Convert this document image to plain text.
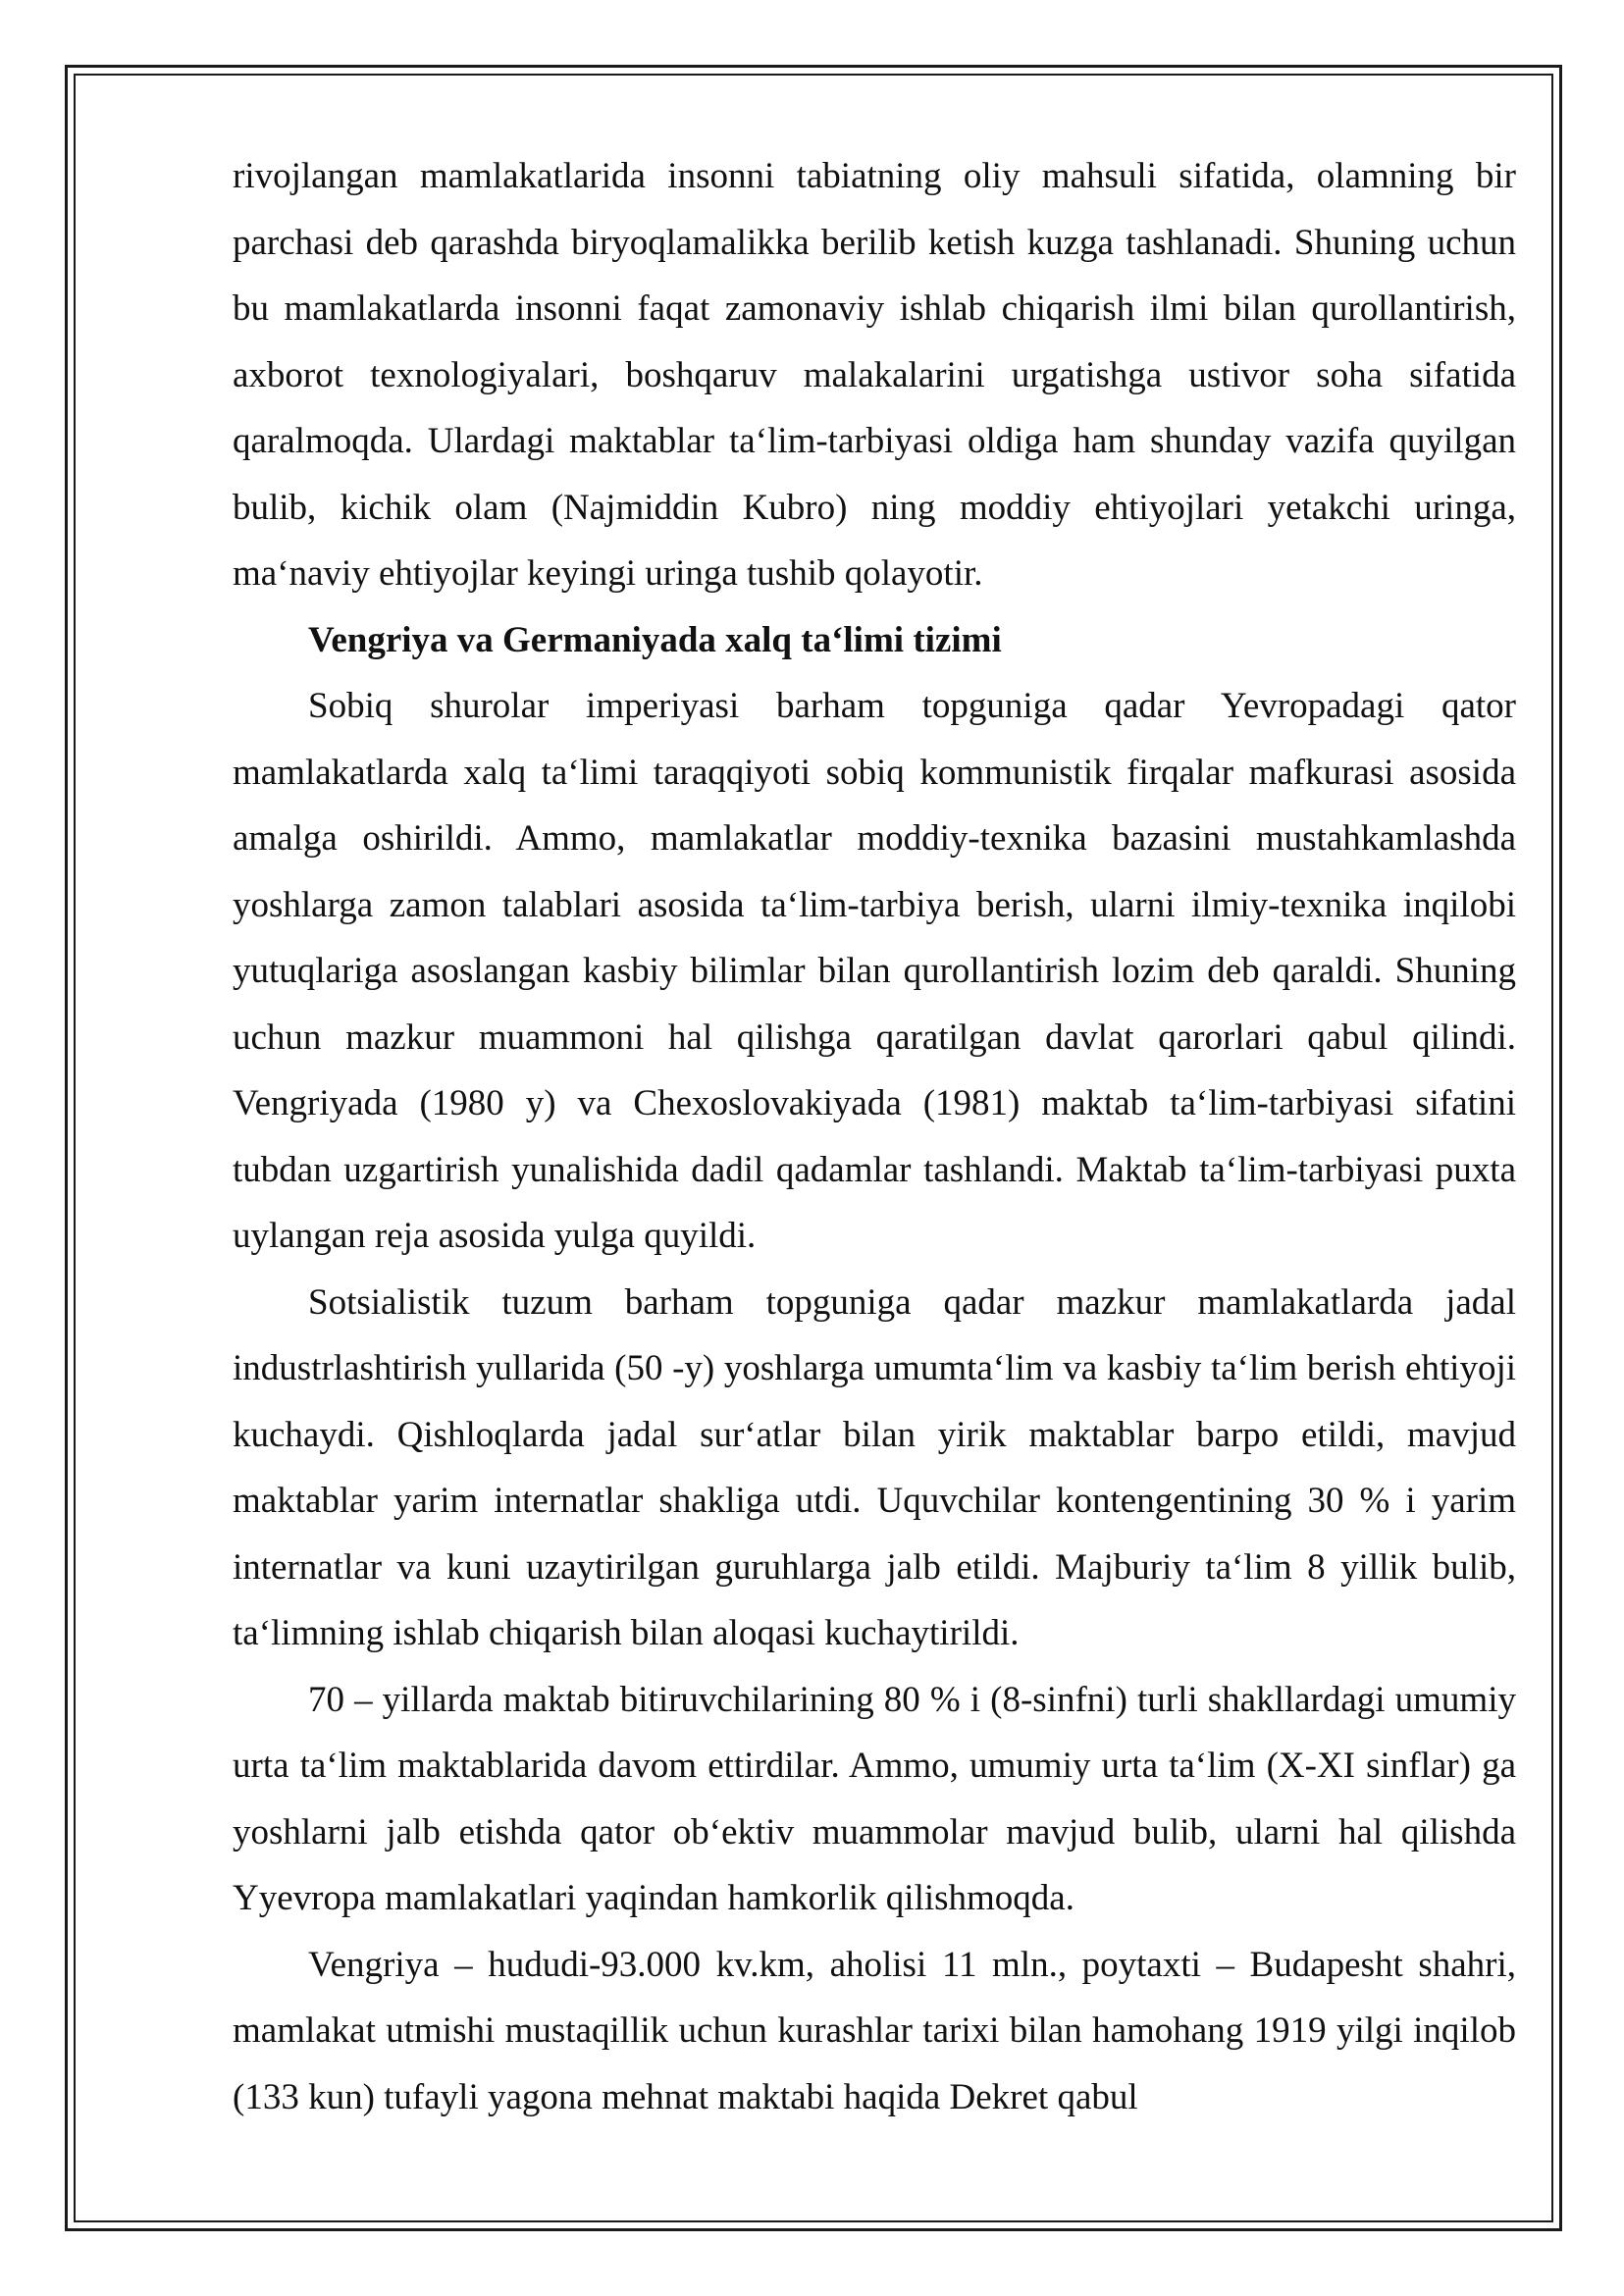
rivojlangan mamlakatlarida insonni tabiatning oliy mahsuli sifatida, olamning bir parchasi deb qarashda biryoqlamalikka berilib ketish kuzga tashlanadi. Shuning uchun bu mamlakatlarda insonni faqat zamonaviy ishlab chiqarish ilmi bilan qurollantirish, axborot texnologiyalari, boshqaruv malakalarini urgatishga ustivor soha sifatida qaralmoqda. Ulardagi maktablar ta‘lim-tarbiyasi oldiga ham shunday vazifa quyilgan bulib, kichik olam (Najmiddin Kubro) ning moddiy ehtiyojlari yetakchi uringa, ma‘naviy ehtiyojlar keyingi uringa tushib qolayotir.

Vengriya va Germaniyada xalq ta‘limi tizimi

Sobiq shurolar imperiyasi barham topguniga qadar Yevropadagi qator mamlakatlarda xalq ta‘limi taraqqiyoti sobiq kommunistik firqalar mafkurasi asosida amalga oshirildi. Ammo, mamlakatlar moddiy-texnika bazasini mustahkamlashda yoshlarga zamon talablari asosida ta‘lim-tarbiya berish, ularni ilmiy-texnika inqilobi yutuqlariga asoslangan kasbiy bilimlar bilan qurollantirish lozim deb qaraldi. Shuning uchun mazkur muammoni hal qilishga qaratilgan davlat qarorlari qabul qilindi. Vengriyada (1980 y) va Chexoslovakiyada (1981) maktab ta‘lim-tarbiyasi sifatini tubdan uzgartirish yunalishida dadil qadamlar tashlandi. Maktab ta‘lim-tarbiyasi puxta uylangan reja asosida yulga quyildi.

Sotsialistik tuzum barham topguniga qadar mazkur mamlakatlarda jadal industrlashtirish yullarida (50 -y) yoshlarga umumta‘lim va kasbiy ta‘lim berish ehtiyoji kuchaydi. Qishloqlarda jadal sur‘atlar bilan yirik maktablar barpo etildi, mavjud maktablar yarim internatlar shakliga utdi. Uquvchilar kontengentining 30 % i yarim internatlar va kuni uzaytirilgan guruhlarga jalb etildi. Majburiy ta‘lim 8 yillik bulib, ta‘limning ishlab chiqarish bilan aloqasi kuchaytirildi.

70 – yillarda maktab bitiruvchilarining 80 % i (8-sinfni) turli shakllardagi umumiy urta ta‘lim maktablarida davom ettirdilar. Ammo, umumiy urta ta‘lim (X-XI sinflar) ga yoshlarni jalb etishda qator ob‘ektiv muammolar mavjud bulib, ularni hal qilishda Yyevropa mamlakatlari yaqindan hamkorlik qilishmoqda.

Vengriya – hududi-93.000 kv.km, aholisi 11 mln., poytaxti – Budapesht shahri, mamlakat utmishi mustaqillik uchun kurashlar tarixi bilan hamohang 1919 yilgi inqilob (133 kun) tufayli yagona mehnat maktabi haqida Dekret qabul
